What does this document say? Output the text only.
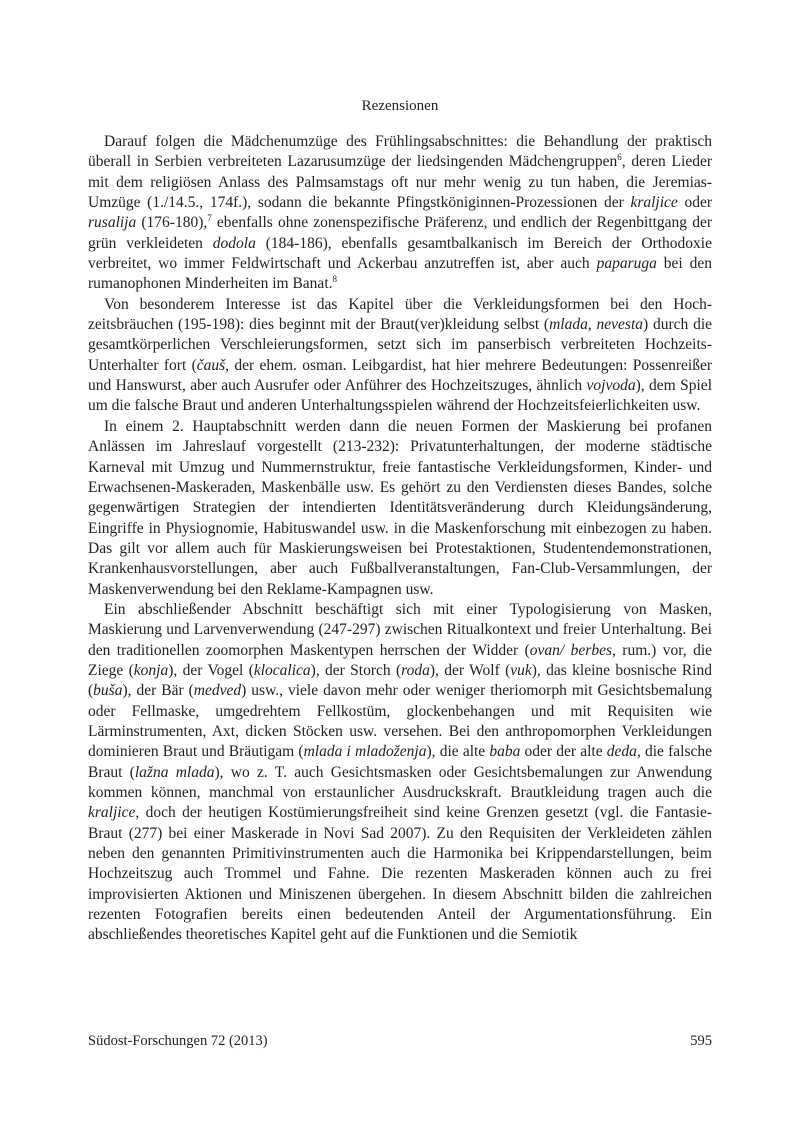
Rezensionen

Darauf folgen die Mädchenumzüge des Frühlingsabschnittes: die Behandlung der praktisch überall in Serbien verbreiteten Lazarusumzüge der liedsingenden Mädchengruppen$^6$, deren Lieder mit dem religiösen Anlass des Palmsamstags oft nur mehr wenig zu tun haben, die Jeremias-Umzüge (1./14.5., 174f.), sodann die bekannte Pfingstköniginnen-Prozessionen der kraljice oder rusalija (176-180),$^7$ ebenfalls ohne zonenspezifische Präferenz, und endlich der Regenbittgang der grün verkleideten dodola (184-186), ebenfalls gesamtbalkanisch im Bereich der Orthodoxie verbreitet, wo immer Feldwirtschaft und Ackerbau anzutreffen ist, aber auch paparuga bei den rumanophonen Minderheiten im Banat.$^8$

Von besonderem Interesse ist das Kapitel über die Verkleidungsformen bei den Hochzeitsbräuchen (195-198): dies beginnt mit der Braut(ver)kleidung selbst (mlada, nevesta) durch die gesamtkörperlichen Verschleierungsformen, setzt sich im panserbisch verbreiteten Hochzeits-Unterhalter fort (čauš, der ehem. osman. Leibgardist, hat hier mehrere Bedeutungen: Possenreißer und Hanswurst, aber auch Ausrufer oder Anführer des Hochzeitszuges, ähnlich vojvoda), dem Spiel um die falsche Braut und anderen Unterhaltungsspielen während der Hochzeitsfeierlichkeiten usw.

In einem 2. Hauptabschnitt werden dann die neuen Formen der Maskierung bei profanen Anlässen im Jahreslauf vorgestellt (213-232): Privatunterhaltungen, der moderne städtische Karneval mit Umzug und Nummernstruktur, freie fantastische Verkleidungsformen, Kinder- und Erwachsenen-Maskeraden, Maskenbälle usw. Es gehört zu den Verdiensten dieses Bandes, solche gegenwärtigen Strategien der intendierten Identitätsveränderung durch Kleidungsänderung, Eingriffe in Physiognomie, Habituswandel usw. in die Maskenforschung mit einbezogen zu haben. Das gilt vor allem auch für Maskierungsweisen bei Protestaktionen, Studentendemonstrationen, Krankenhausvorstellungen, aber auch Fußballveranstaltungen, Fan-Club-Versammlungen, der Maskenverwendung bei den Reklame-Kampagnen usw.

Ein abschließender Abschnitt beschäftigt sich mit einer Typologisierung von Masken, Maskierung und Larvenverwendung (247-297) zwischen Ritualkontext und freier Unterhaltung. Bei den traditionellen zoomorphen Maskentypen herrschen der Widder (ovan/ berbes, rum.) vor, die Ziege (konja), der Vogel (klocalica), der Storch (roda), der Wolf (vuk), das kleine bosnische Rind (buša), der Bär (medved) usw., viele davon mehr oder weniger theriomorph mit Gesichtsbemalung oder Fellmaske, umgedrehtem Fellkostüm, glockenbehangen und mit Requisiten wie Lärminstrumenten, Axt, dicken Stöcken usw. versehen. Bei den anthropomorphen Verkleidungen dominieren Braut und Bräutigam (mlada i mladoženja), die alte baba oder der alte deda, die falsche Braut (lažna mlada), wo z. T. auch Gesichtsmasken oder Gesichtsbemalungen zur Anwendung kommen können, manchmal von erstaunlicher Ausdruckskraft. Brautkleidung tragen auch die kraljice, doch der heutigen Kostümierungsfreiheit sind keine Grenzen gesetzt (vgl. die Fantasie-Braut (277) bei einer Maskerade in Novi Sad 2007). Zu den Requisiten der Verkleideten zählen neben den genannten Primitivinstrumenten auch die Harmonika bei Krippendarstellungen, beim Hochzeitszug auch Trommel und Fahne. Die rezenten Maskeraden können auch zu frei improvisierten Aktionen und Miniszenen übergehen. In diesem Abschnitt bilden die zahlreichen rezenten Fotografien bereits einen bedeutenden Anteil der Argumentationsführung. Ein abschließendes theoretisches Kapitel geht auf die Funktionen und die Semiotik

Südost-Forschungen 72 (2013)	595
